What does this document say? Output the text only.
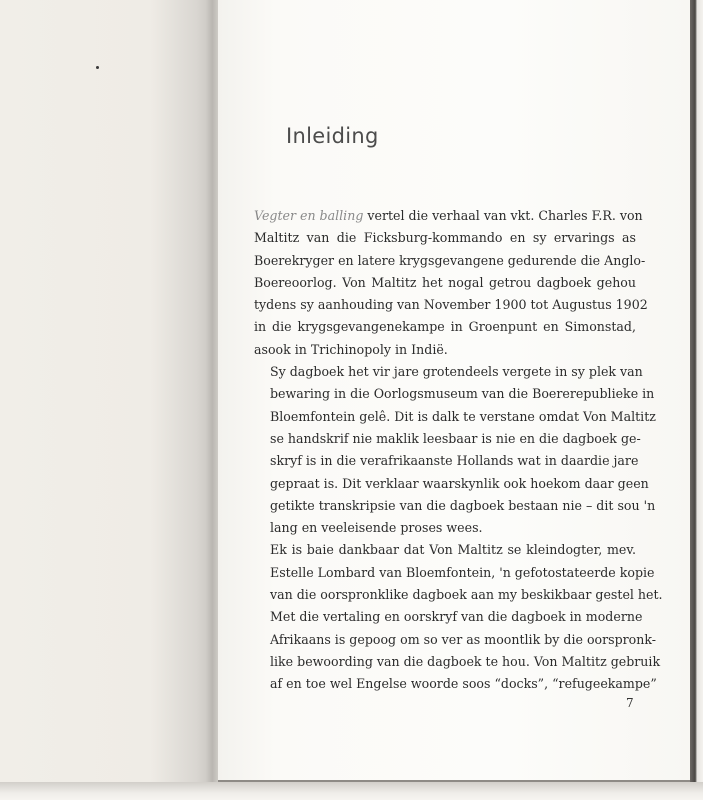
Inleiding

Vegter en balling vertel die verhaal van vkt. Charles F.R. von
Maltitz van die Ficksburg-kommando en sy ervarings as
Boerekryger en latere krygsgevangene gedurende die Anglo-
Boereoorlog. Von Maltitz het nogal getrou dagboek gehou
tydens sy aanhouding van November 1900 tot Augustus 1902
in die krygsgevangenekampe in Groenpunt en Simonstad,
asook in Trichinopoly in Indië.

Sy dagboek het vir jare grotendeels vergete in sy plek van
bewaring in die Oorlogsmuseum van die Boererepublieke in
Bloemfontein gelê. Dit is dalk te verstane omdat Von Maltitz
se handskrif nie maklik leesbaar is nie en die dagboek ge-
skryf is in die verafrikaanste Hollands wat in daardie jare
gepraat is. Dit verklaar waarskynlik ook hoekom daar geen
getikte transkripsie van die dagboek bestaan nie – dit sou 'n
lang en veeleisende proses wees.

Ek is baie dankbaar dat Von Maltitz se kleindogter, mev.
Estelle Lombard van Bloemfontein, 'n gefotostateerde kopie
van die oorspronklike dagboek aan my beskikbaar gestel het.
Met die vertaling en oorskryf van die dagboek in moderne
Afrikaans is gepoog om so ver as moontlik by die oorspronk-
like bewoording van die dagboek te hou. Von Maltitz gebruik
af en toe wel Engelse woorde soos “docks”, “refugeekampe”

7
